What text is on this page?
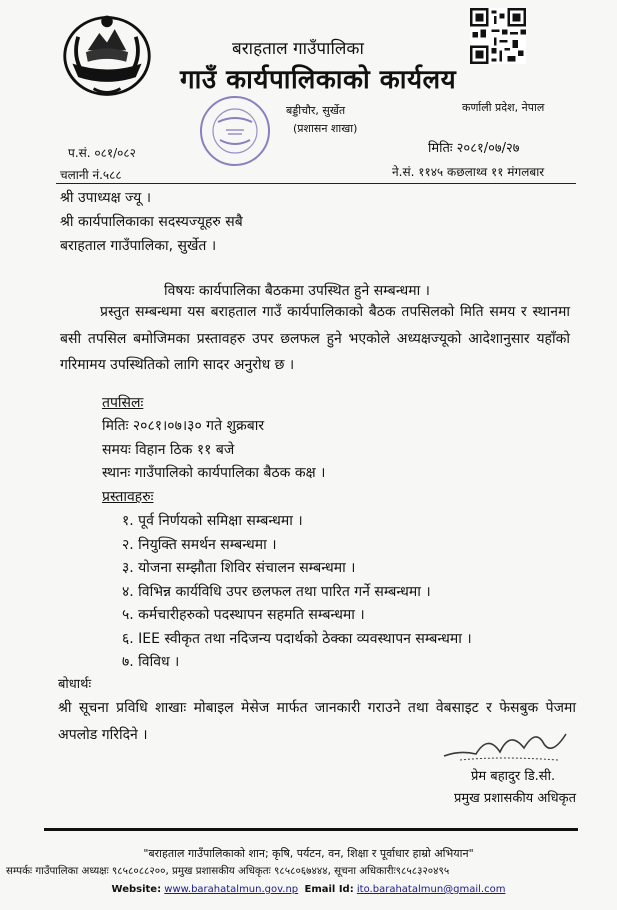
बराहताल गाउँपालिका
गाउँ कार्यपालिकाको कार्यलय
बड्डीचौर, सुर्खेत
(प्रशासन शाखा)
कर्णाली प्रदेश, नेपाल
प.सं. ०८१/०८२
चलानी नं.५८८
मितिः २०८१/०७/२७
ने.सं. ११४५ कछलाथ्व ११ मंगलबार
श्री उपाध्यक्ष ज्यू ।
श्री कार्यपालिकाका सदस्यज्यूहरु सबै
बराहताल गाउँपालिका, सुर्खेत ।
विषयः कार्यपालिका बैठकमा उपस्थित हुने सम्बन्धमा ।
प्रस्तुत सम्बन्धमा यस बराहताल गाउँ कार्यपालिकाको बैठक तपसिलको मिति समय र स्थानमा बसी तपसिल बमोजिमका प्रस्तावहरु उपर छलफल हुने भएकोले अध्यक्षज्यूको आदेशानुसार यहाँको गरिमामय उपस्थितिको लागि सादर अनुरोध छ ।
तपसिलः
मितिः २०८१।०७।३० गते शुक्रबार
समयः विहान ठिक ११ बजे
स्थानः गाउँपालिको कार्यपालिका बैठक कक्ष ।
प्रस्तावहरुः
१. पूर्व निर्णयको समिक्षा सम्बन्धमा ।
२. नियुक्ति समर्थन सम्बन्धमा ।
३. योजना सम्झौता शिविर संचालन सम्बन्धमा ।
४. विभिन्न कार्यविधि उपर छलफल तथा पारित गर्ने सम्बन्धमा ।
५. कर्मचारीहरुको पदस्थापन सहमति सम्बन्धमा ।
६. IEE स्वीकृत तथा नदिजन्य पदार्थको ठेक्का व्यवस्थापन सम्बन्धमा ।
७. विविध ।
बोधार्थः
श्री सूचना प्रविधि शाखाः मोबाइल मेसेज मार्फत जानकारी गराउने तथा वेबसाइट र फेसबुक पेजमा अपलोड गरिदिने ।
प्रेम बहादुर डि.सी.
प्रमुख प्रशासकीय अधिकृत
"बराहताल गाउँपालिकाको शान; कृषि, पर्यटन, वन, शिक्षा र पूर्वाधार हाम्रो अभियान"
सम्पर्कः गाउँपालिका अध्यक्षः ९८५८०८८२००, प्रमुख प्रशासकीय अधिकृतः ९८५८०६७४४४, सूचना अधिकारीः९८५८३२०४९५
Website: www.barahatalmun.gov.np Email Id: ito.barahatalmun@gmail.com
